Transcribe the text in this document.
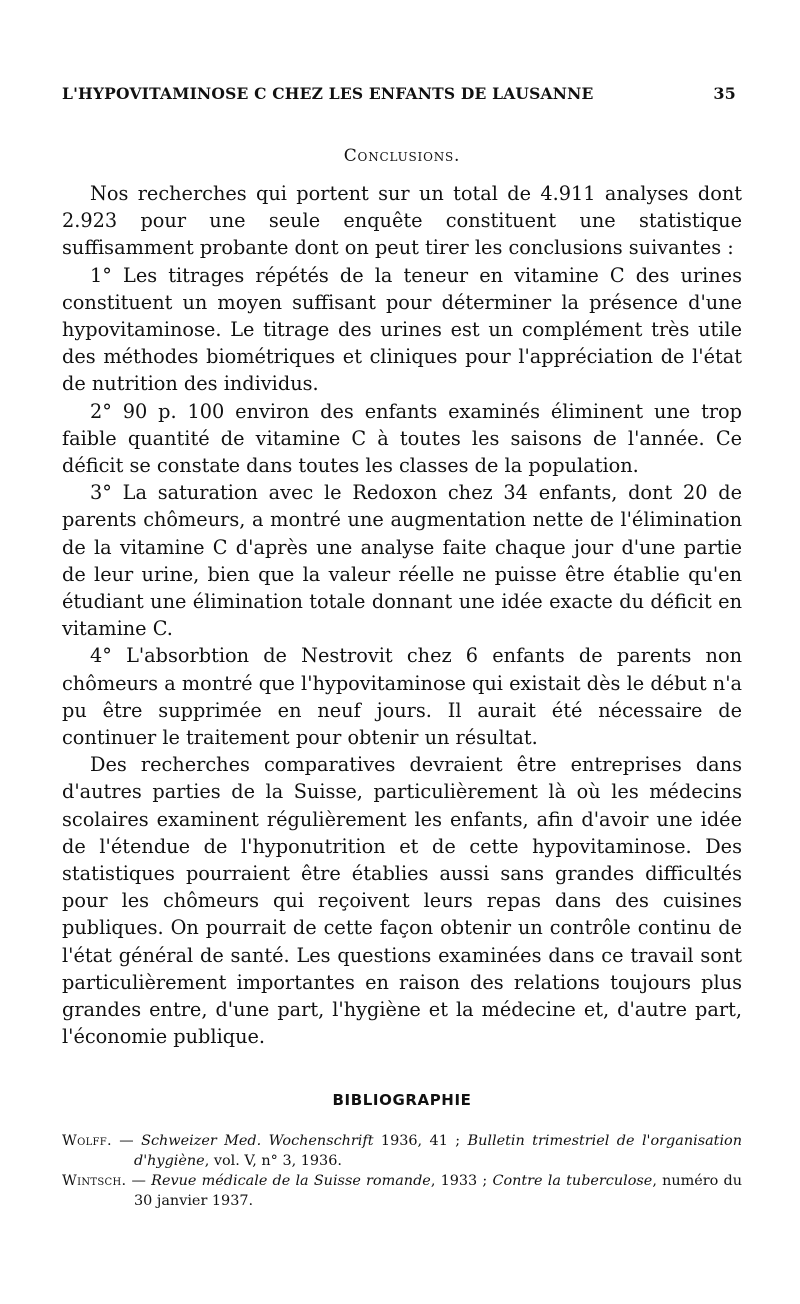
L'HYPOVITAMINOSE C CHEZ LES ENFANTS DE LAUSANNE	35
Conclusions.

Nos recherches qui portent sur un total de 4.911 analyses dont 2.923 pour une seule enquête constituent une statistique suffisamment probante dont on peut tirer les conclusions suivantes :

1° Les titrages répétés de la teneur en vitamine C des urines constituent un moyen suffisant pour déterminer la présence d'une hypovitaminose. Le titrage des urines est un complément très utile des méthodes biométriques et cliniques pour l'appréciation de l'état de nutrition des individus.

2° 90 p. 100 environ des enfants examinés éliminent une trop faible quantité de vitamine C à toutes les saisons de l'année. Ce déficit se constate dans toutes les classes de la population.

3° La saturation avec le Redoxon chez 34 enfants, dont 20 de parents chômeurs, a montré une augmentation nette de l'élimination de la vitamine C d'après une analyse faite chaque jour d'une partie de leur urine, bien que la valeur réelle ne puisse être établie qu'en étudiant une élimination totale donnant une idée exacte du déficit en vitamine C.

4° L'absorbtion de Nestrovit chez 6 enfants de parents non chômeurs a montré que l'hypovitaminose qui existait dès le début n'a pu être supprimée en neuf jours. Il aurait été nécessaire de continuer le traitement pour obtenir un résultat.

Des recherches comparatives devraient être entreprises dans d'autres parties de la Suisse, particulièrement là où les médecins scolaires examinent régulièrement les enfants, afin d'avoir une idée de l'étendue de l'hyponutrition et de cette hypovitaminose. Des statistiques pourraient être établies aussi sans grandes difficultés pour les chômeurs qui reçoivent leurs repas dans des cuisines publiques. On pourrait de cette façon obtenir un contrôle continu de l'état général de santé. Les questions examinées dans ce travail sont particulièrement importantes en raison des relations toujours plus grandes entre, d'une part, l'hygiène et la médecine et, d'autre part, l'économie publique.

BIBLIOGRAPHIE

Wolff. — Schweizer Med. Wochenschrift 1936, 41 ; Bulletin trimestriel de l'organisation d'hygiène, vol. V, n° 3, 1936.

Wintsch. — Revue médicale de la Suisse romande, 1933 ; Contre la tuberculose, numéro du 30 janvier 1937.
